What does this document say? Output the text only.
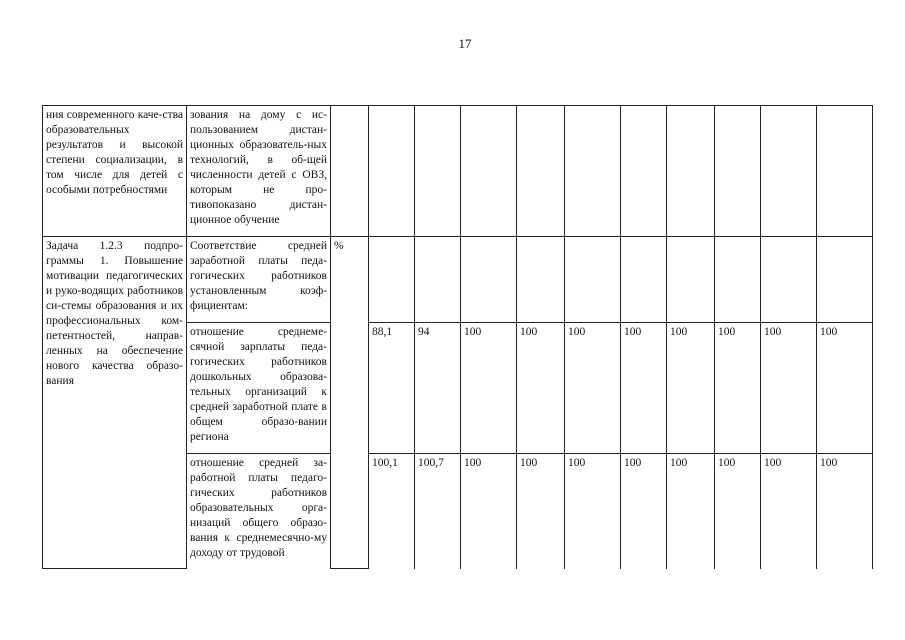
17
ния современного каче-ства образовательных результатов и высокой степени социализации, в том числе для детей с особыми потребностями	зования на дому с ис-пользованием дистан-ционных образователь-ных технологий, в об-щей численности детей с ОВЗ, которым не про-тивопоказано дистан-ционное обучение											

Задача 1.2.3 подпро-граммы 1. Повышение мотивации педагогических и руко-водящих работников си-стемы образования и их профессиональных ком-петентностей, направ-ленных на обеспечение нового качества образо-вания	Соответствие средней заработной платы педа-гогических работников установленным коэф-фициентам:	%										

	отношение среднеме-сячной зарплаты педа-гогических работников дошкольных образова-тельных организаций к средней заработной плате в общем образо-вании региона		88,1	94	100	100	100	100	100	100	100	100

	отношение средней за-работной платы педаго-гических работников образовательных орга-низаций общего образо-вания к среднемесячно-му доходу от трудовой		100,1	100,7	100	100	100	100	100	100	100	100
